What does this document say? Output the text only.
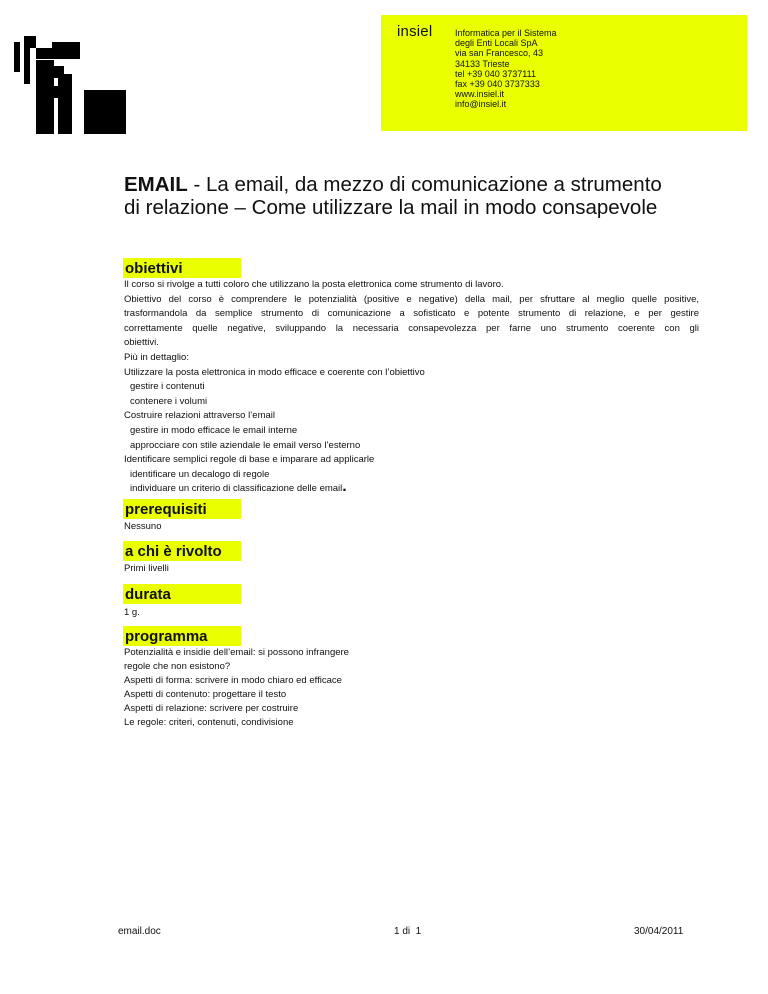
insiel	Informatica per il Sistema
degli Enti Locali SpA
via san Francesco, 43
34133 Trieste
tel +39 040 3737111
fax +39 040 3737333
www.insiel.it
info@insiel.it
EMAIL - La email, da mezzo di comunicazione a strumento
di relazione – Come utilizzare la mail in modo consapevole
obiettivi
Il corso si rivolge a tutti coloro che utilizzano la posta elettronica come strumento di lavoro.
Obiettivo del corso è comprendere le potenzialità (positive e negative) della mail, per sfruttare al meglio quelle positive,
trasformandola da semplice strumento di comunicazione a sofisticato e potente strumento di relazione, e per gestire
correttamente quelle negative, sviluppando la necessaria consapevolezza per farne uno strumento coerente con gli
obiettivi.
Più in dettaglio:
Utilizzare la posta elettronica in modo efficace e coerente con l’obiettivo
gestire i contenuti
contenere i volumi
Costruire relazioni attraverso l’email
gestire in modo efficace le email interne
approcciare con stile aziendale le email verso l’esterno
Identificare semplici regole di base e imparare ad applicarle
identificare un decalogo di regole
individuare un criterio di classificazione delle email.
prerequisiti
Nessuno
a chi è rivolto
Primi livelli
durata
1 g.
programma
Potenzialità e insidie dell’email: si possono infrangere
regole che non esistono?
Aspetti di forma: scrivere in modo chiaro ed efficace
Aspetti di contenuto: progettare il testo
Aspetti di relazione: scrivere per costruire
Le regole: criteri, contenuti, condivisione
email.doc	1 di  1	30/04/2011
